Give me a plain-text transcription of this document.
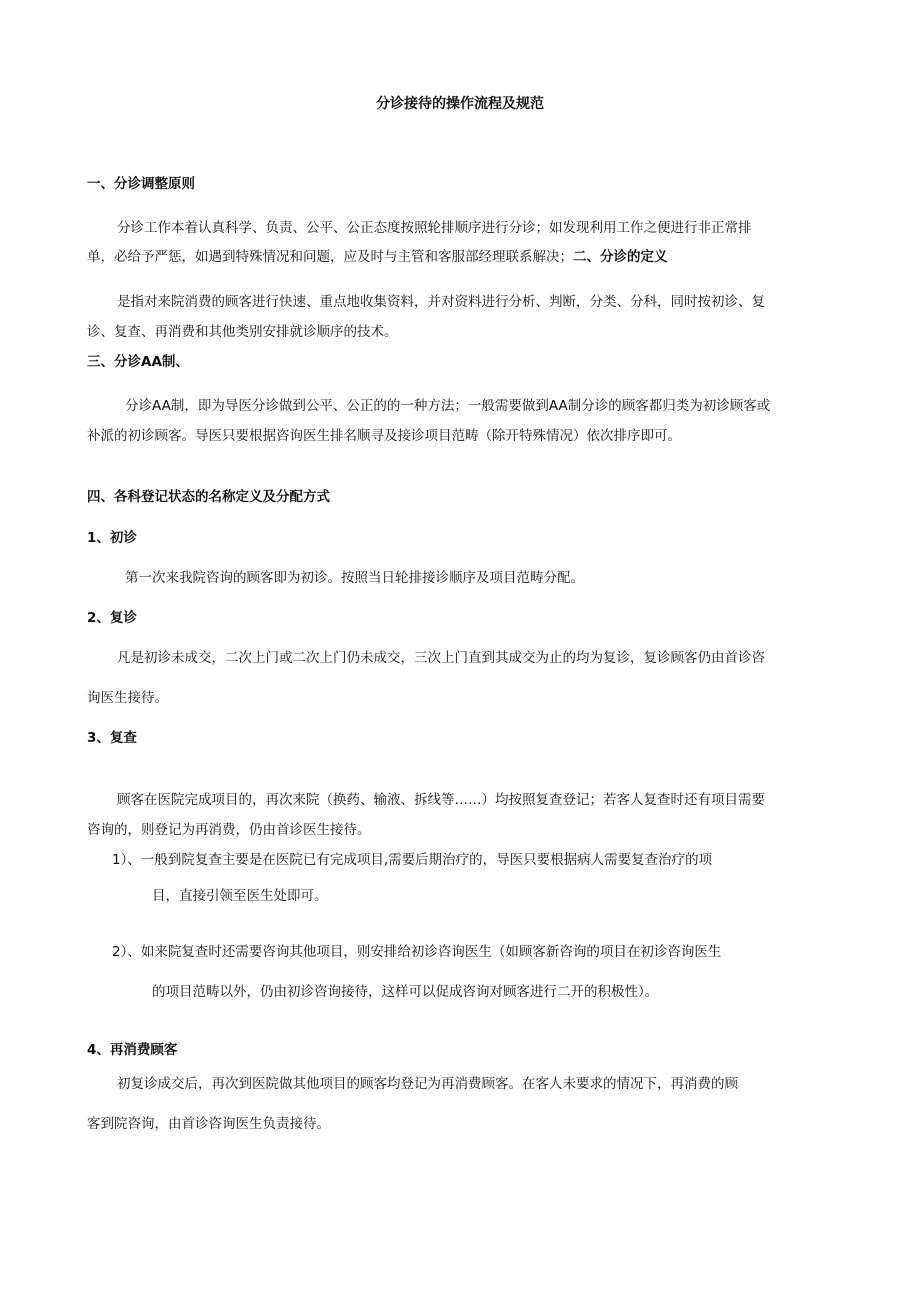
分诊接待的操作流程及规范
一、分诊调整原则
分诊工作本着认真科学、负责、公平、公正态度按照轮排顺序进行分诊；如发现利用工作之便进行非正常排
单，必给予严惩，如遇到特殊情况和问题，应及时与主管和客服部经理联系解决；二、分诊的定义
是指对来院消费的顾客进行快速、重点地收集资料，并对资料进行分析、判断，分类、分科，同时按初诊、复
诊、复查、再消费和其他类别安排就诊顺序的技术。
三、分诊AA制、
分诊AA制，即为导医分诊做到公平、公正的的一种方法；一般需要做到AA制分诊的顾客都归类为初诊顾客或
补派的初诊顾客。导医只要根据咨询医生排名顺寻及接诊项目范畴（除开特殊情况）依次排序即可。
四、各科登记状态的名称定义及分配方式
1、初诊
第一次来我院咨询的顾客即为初诊。按照当日轮排接诊顺序及项目范畴分配。
2、复诊
凡是初诊未成交，二次上门或二次上门仍未成交，三次上门直到其成交为止的均为复诊，复诊顾客仍由首诊咨
询医生接待。
3、复查
顾客在医院完成项目的，再次来院（换药、输液、拆线等……）均按照复查登记；若客人复查时还有项目需要
咨询的，则登记为再消费，仍由首诊医生接待。
1）、一般到院复查主要是在医院已有完成项目,需要后期治疗的，导医只要根据病人需要复查治疗的项
目，直接引领至医生处即可。
2）、如来院复查时还需要咨询其他项目，则安排给初诊咨询医生（如顾客新咨询的项目在初诊咨询医生
的项目范畴以外，仍由初诊咨询接待，这样可以促成咨询对顾客进行二开的积极性）。
4、再消费顾客
初复诊成交后，再次到医院做其他项目的顾客均登记为再消费顾客。在客人未要求的情况下，再消费的顾
客到院咨询，由首诊咨询医生负责接待。
